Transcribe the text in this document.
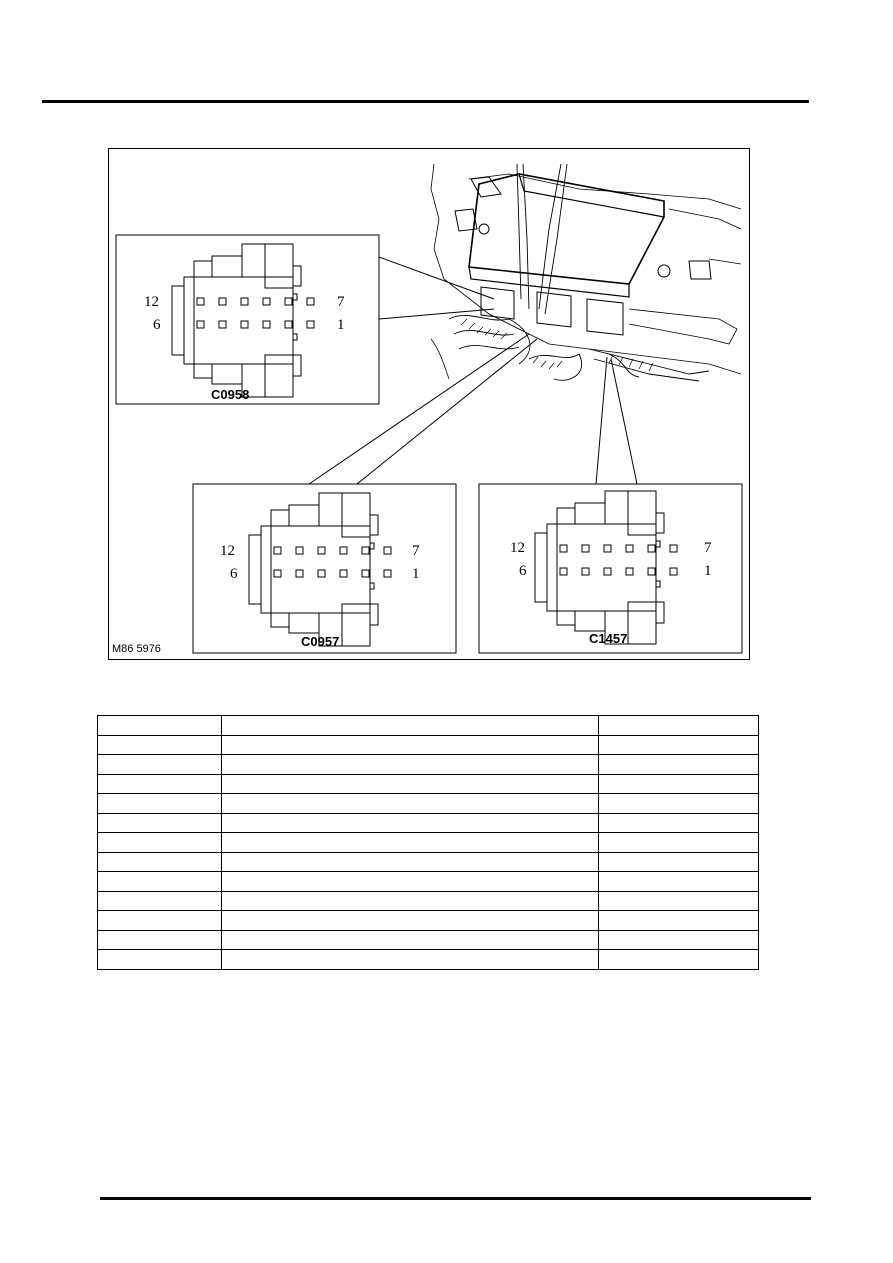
12
6
7
1
12
6
7
1
12
6
7
1
C0958
C0957	C1457
M86 5976
